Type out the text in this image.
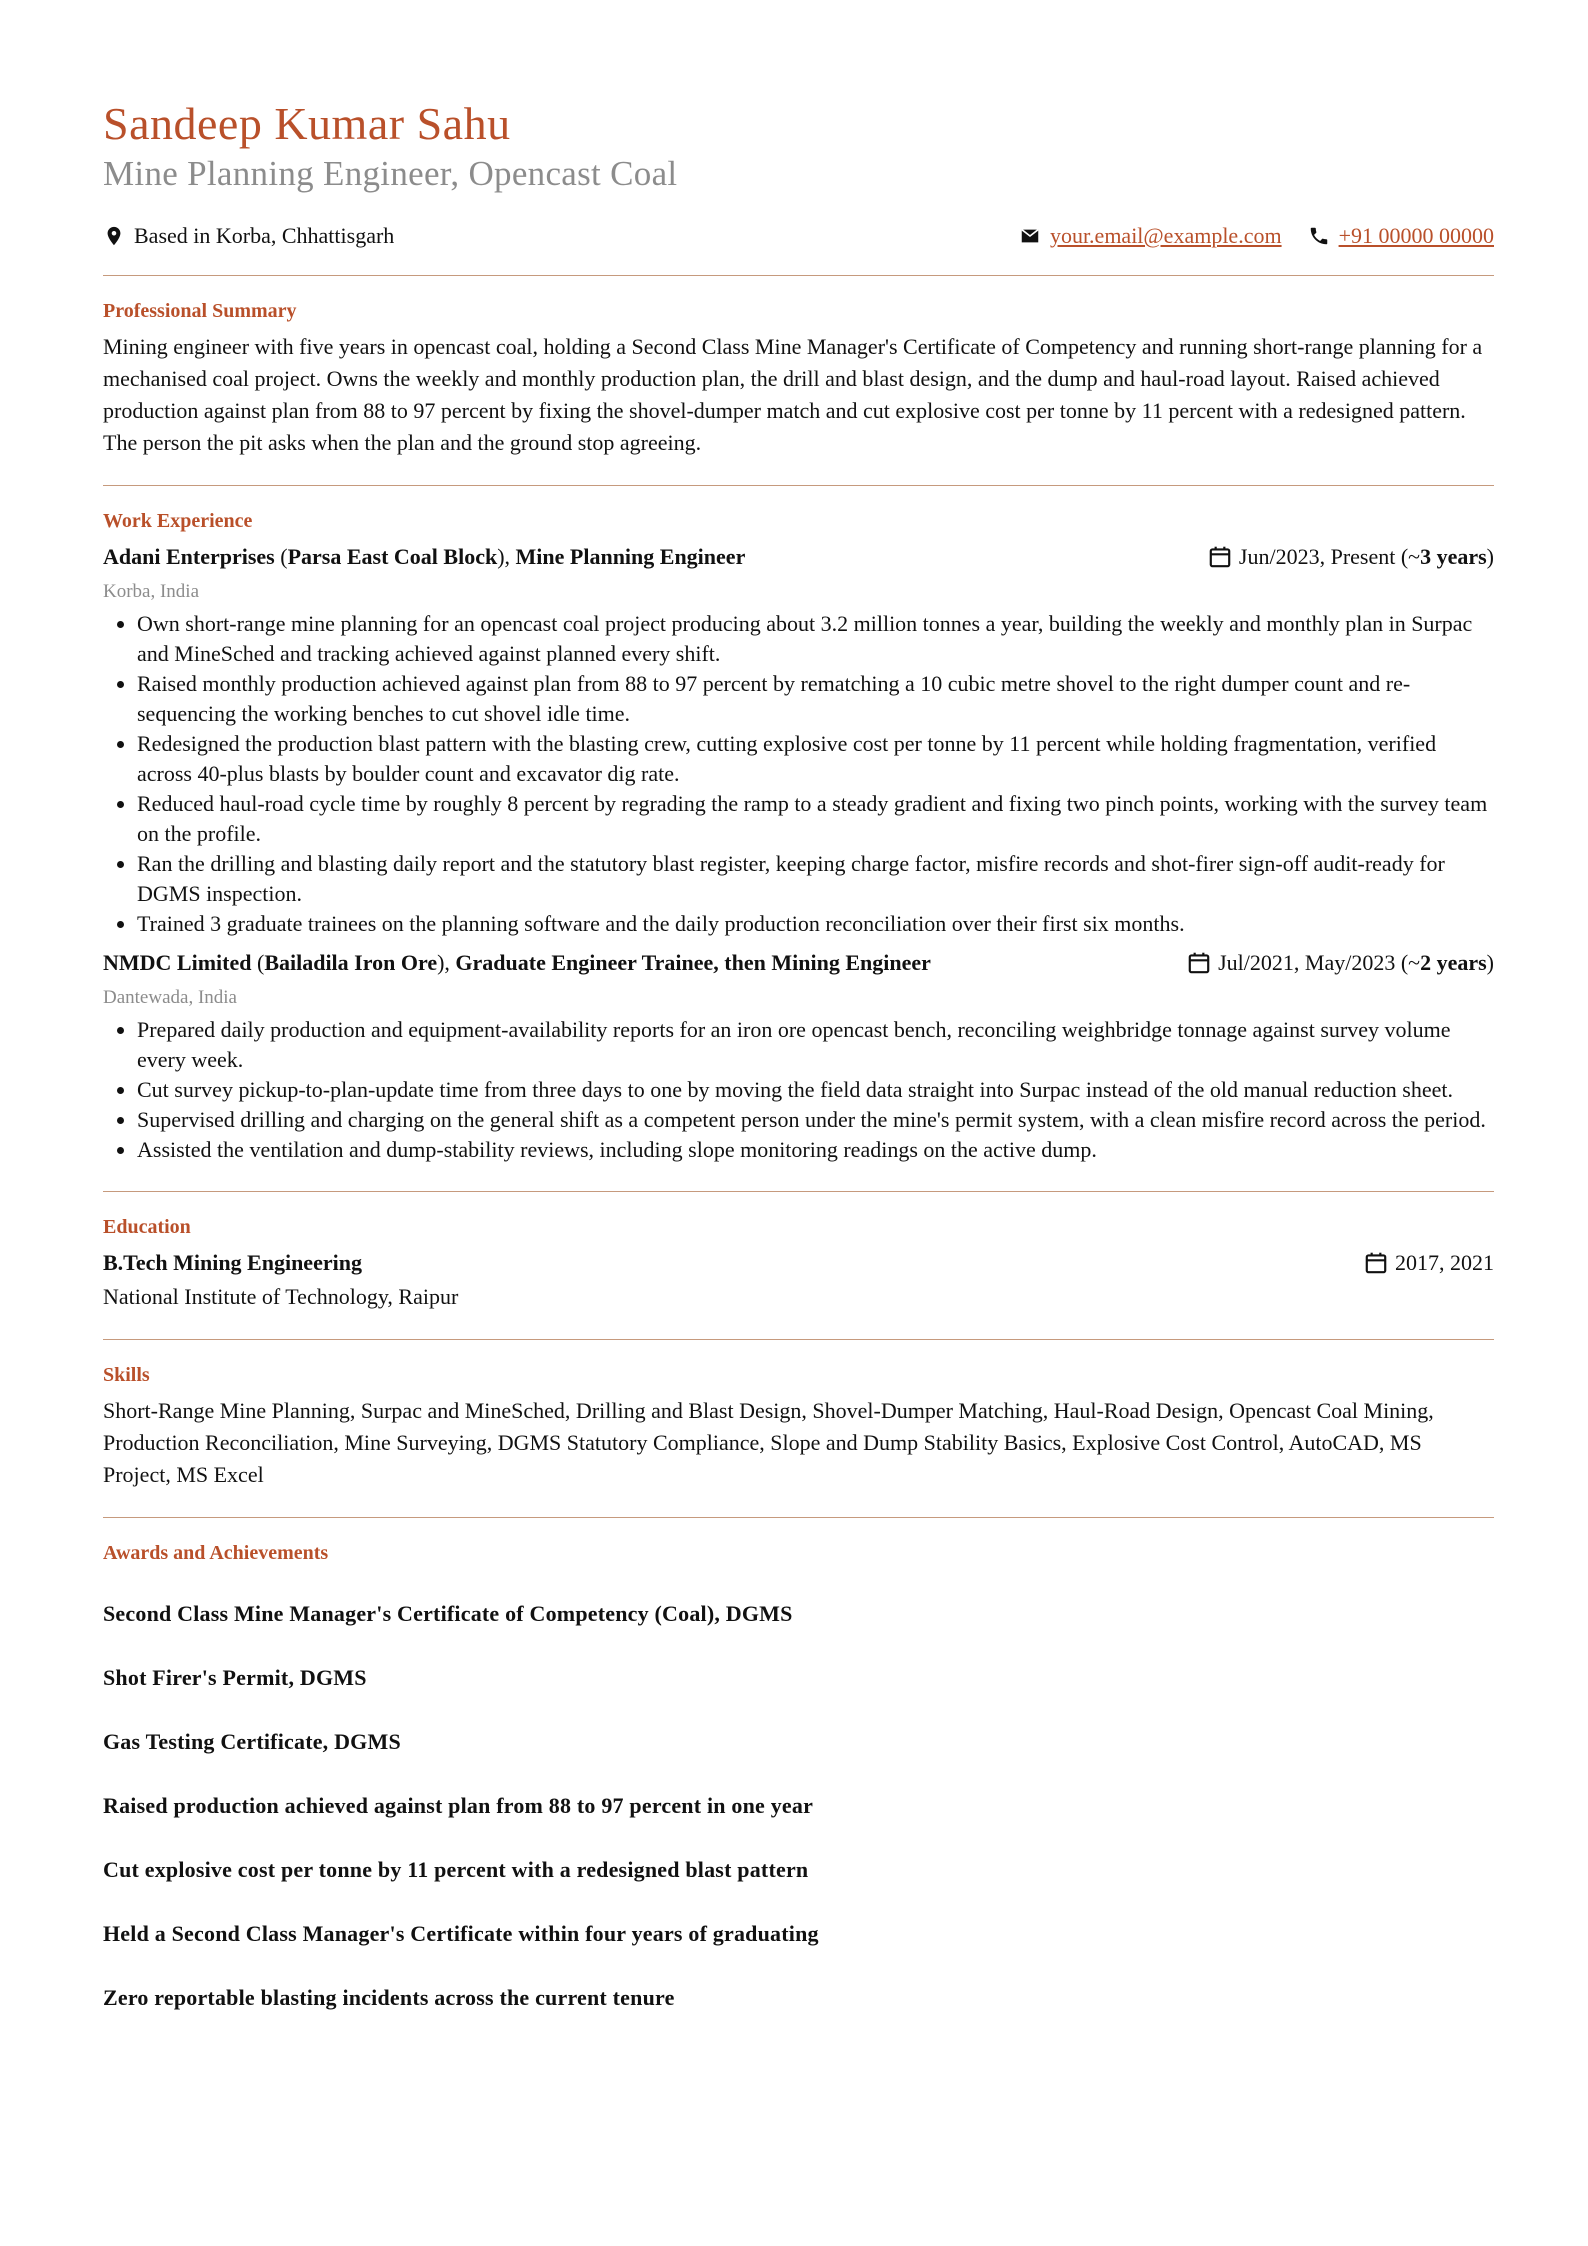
Sandeep Kumar Sahu
Mine Planning Engineer, Opencast Coal
Based in Korba, Chhattisgarh	your.email@example.com	+91 00000 00000
Professional Summary
Mining engineer with five years in opencast coal, holding a Second Class Mine Manager's Certificate of Competency and running short-range planning for a mechanised coal project. Owns the weekly and monthly production plan, the drill and blast design, and the dump and haul-road layout. Raised achieved production against plan from 88 to 97 percent by fixing the shovel-dumper match and cut explosive cost per tonne by 11 percent with a redesigned pattern. The person the pit asks when the plan and the ground stop agreeing.
Work Experience
Adani Enterprises (Parsa East Coal Block), Mine Planning Engineer	Jun/2023, Present (~ 3 years )
Korba, India
• Own short-range mine planning for an opencast coal project producing about 3.2 million tonnes a year, building the weekly and monthly plan in Surpac and MineSched and tracking achieved against planned every shift.
• Raised monthly production achieved against plan from 88 to 97 percent by rematching a 10 cubic metre shovel to the right dumper count and re-sequencing the working benches to cut shovel idle time.
• Redesigned the production blast pattern with the blasting crew, cutting explosive cost per tonne by 11 percent while holding fragmentation, verified across 40-plus blasts by boulder count and excavator dig rate.
• Reduced haul-road cycle time by roughly 8 percent by regrading the ramp to a steady gradient and fixing two pinch points, working with the survey team on the profile.
• Ran the drilling and blasting daily report and the statutory blast register, keeping charge factor, misfire records and shot-firer sign-off audit-ready for DGMS inspection.
• Trained 3 graduate trainees on the planning software and the daily production reconciliation over their first six months.
NMDC Limited (Bailadila Iron Ore), Graduate Engineer Trainee, then Mining Engineer	Jul/2021, May/2023 (~ 2 years )
Dantewada, India
• Prepared daily production and equipment-availability reports for an iron ore opencast bench, reconciling weighbridge tonnage against survey volume every week.
• Cut survey pickup-to-plan-update time from three days to one by moving the field data straight into Surpac instead of the old manual reduction sheet.
• Supervised drilling and charging on the general shift as a competent person under the mine's permit system, with a clean misfire record across the period.
• Assisted the ventilation and dump-stability reviews, including slope monitoring readings on the active dump.
Education
B.Tech Mining Engineering	2017, 2021
National Institute of Technology, Raipur
Skills
Short-Range Mine Planning, Surpac and MineSched, Drilling and Blast Design, Shovel-Dumper Matching, Haul-Road Design, Opencast Coal Mining, Production Reconciliation, Mine Surveying, DGMS Statutory Compliance, Slope and Dump Stability Basics, Explosive Cost Control, AutoCAD, MS Project, MS Excel
Awards and Achievements
Second Class Mine Manager's Certificate of Competency (Coal), DGMS
Shot Firer's Permit, DGMS
Gas Testing Certificate, DGMS
Raised production achieved against plan from 88 to 97 percent in one year
Cut explosive cost per tonne by 11 percent with a redesigned blast pattern
Held a Second Class Manager's Certificate within four years of graduating
Zero reportable blasting incidents across the current tenure
